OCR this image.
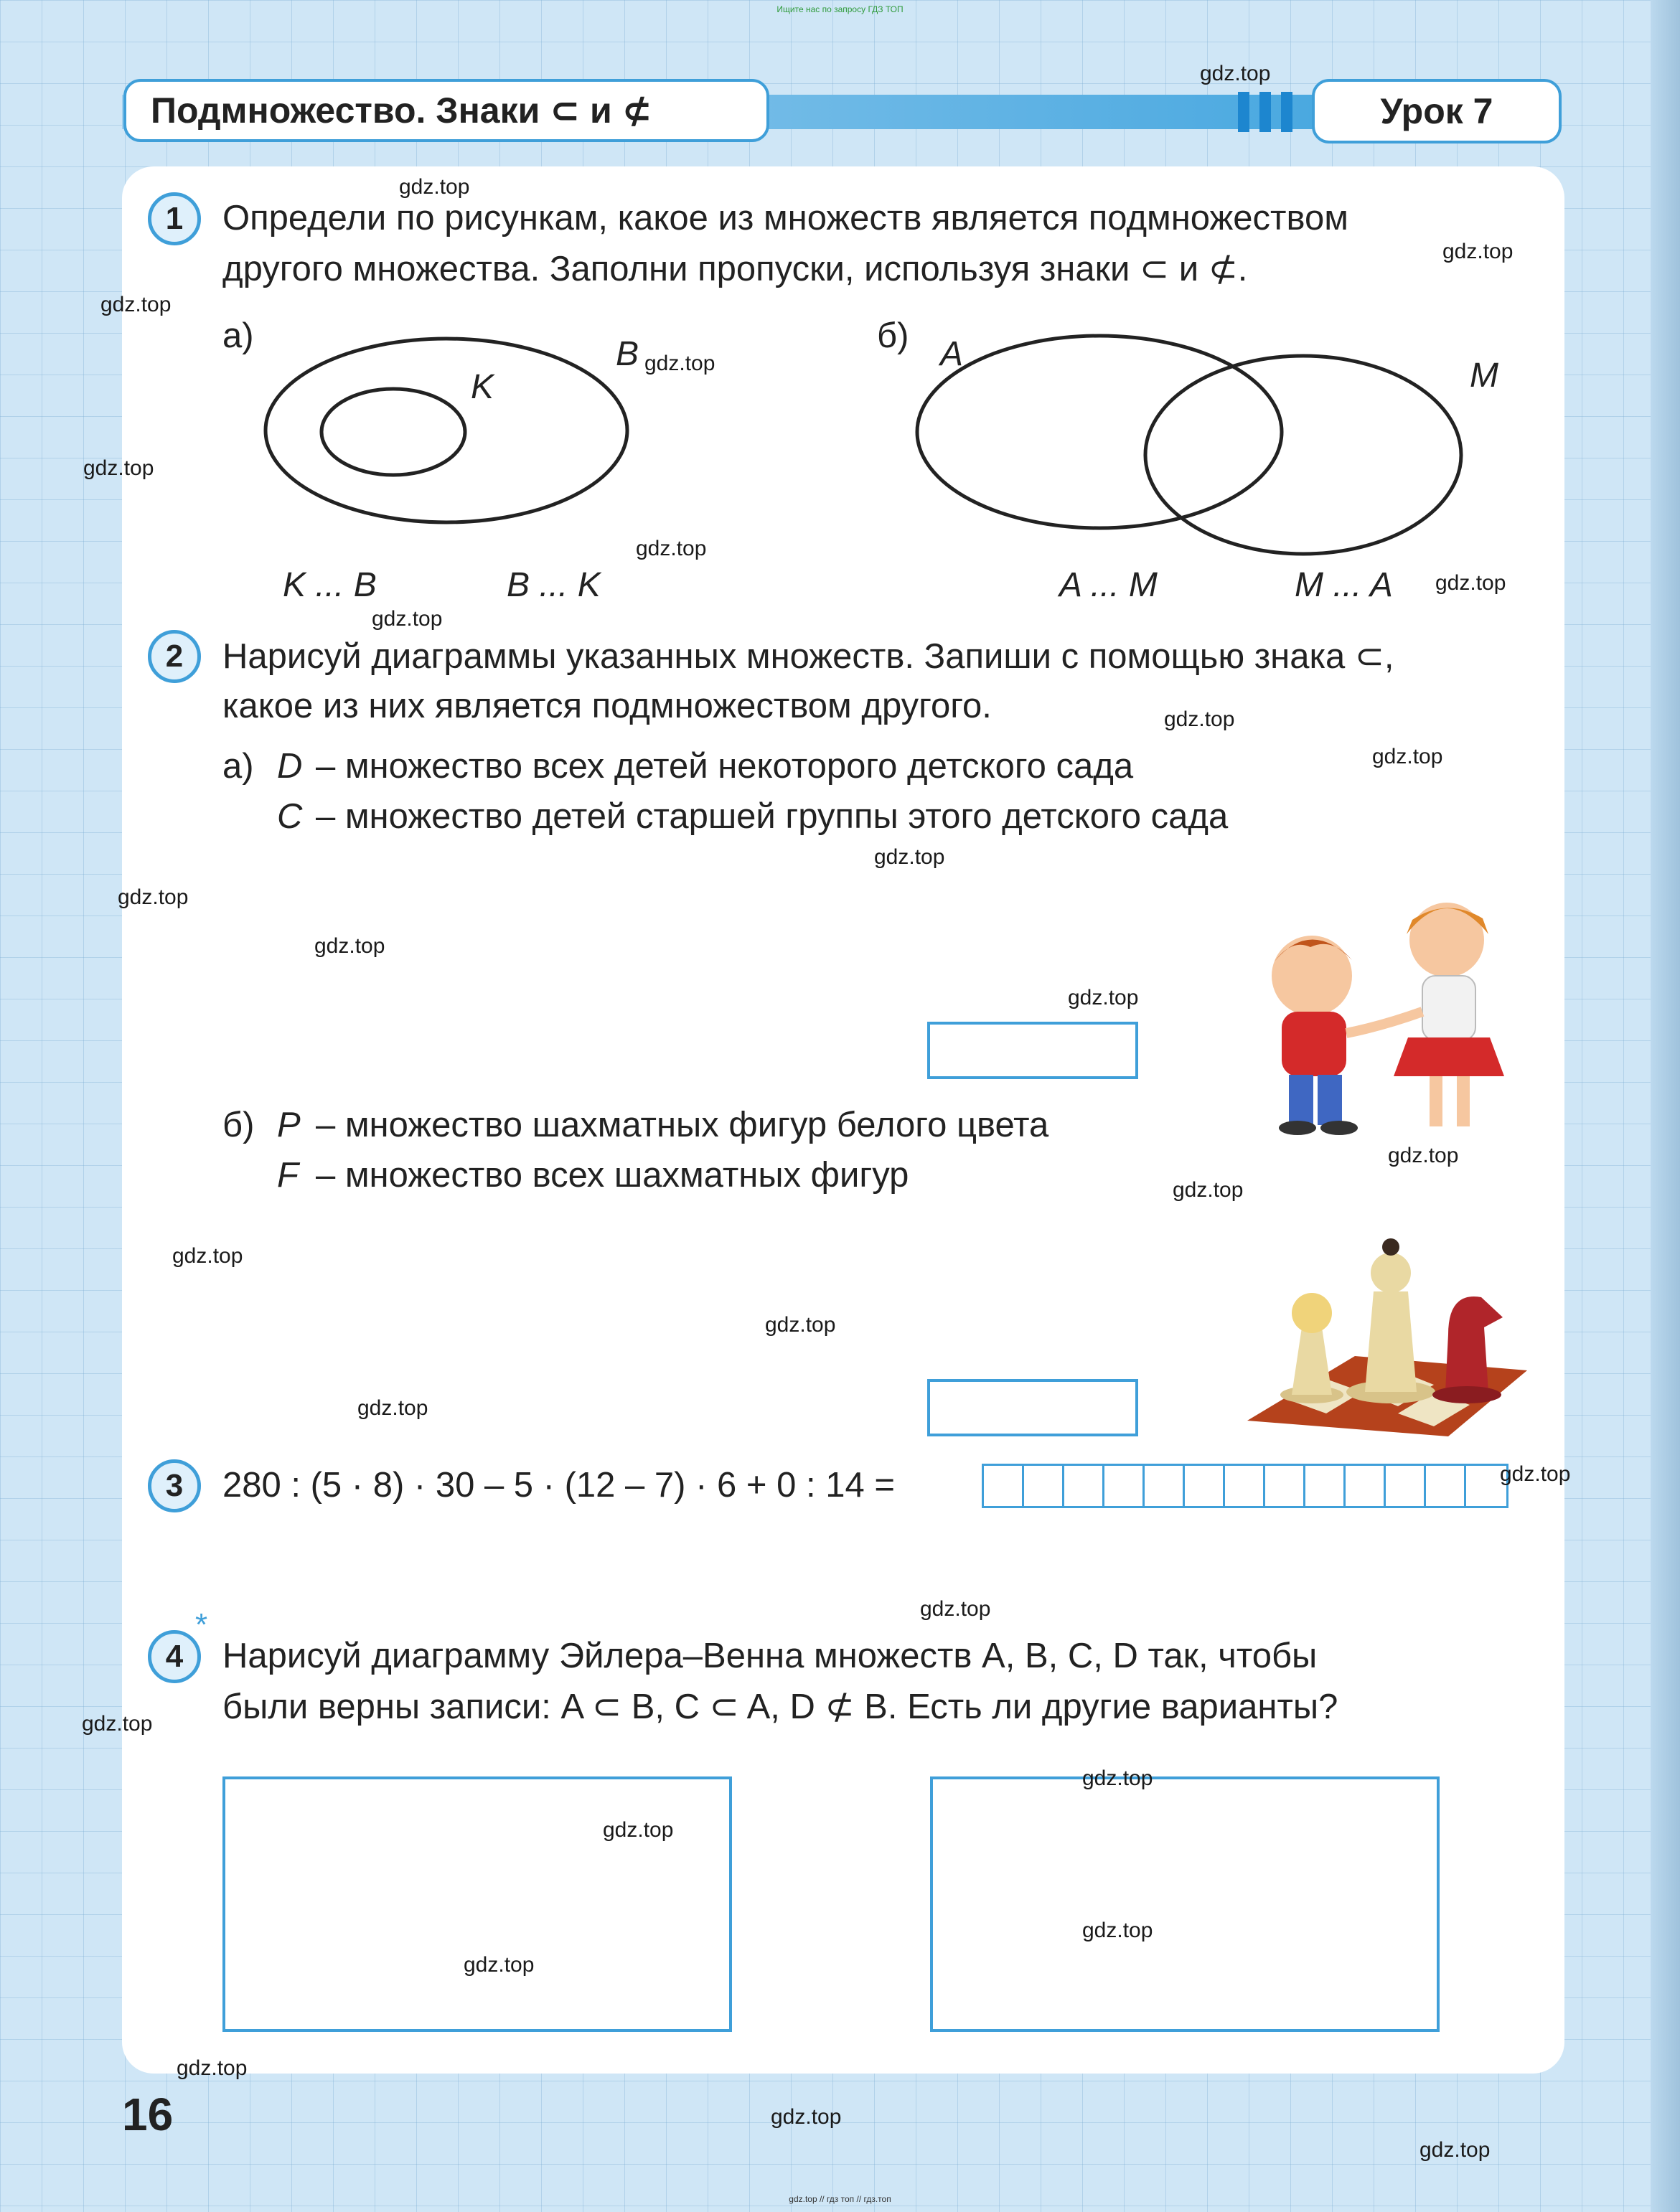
Ищите нас по запросу ГДЗ ТОП
Подмножество. Знаки ⊂ и ⊄	Урок 7
1	Определи по рисункам, какое из множеств является подмножеством
другого множества. Заполни пропуски, используя знаки ⊂ и ⊄.
а)	б)
K
B	A
M
K ... B	B ... K	A ... M	M ... A
2	Нарисуй диаграммы указанных множеств. Запиши с помощью знака ⊂,
какое из них является подмножеством другого.
а) D – множество всех детей некоторого детского сада
C – множество детей старшей группы этого детского сада
б) P – множество шахматных фигур белого цвета
F – множество всех шахматных фигур
3	280 : (5 · 8) · 30 – 5 · (12 – 7) · 6 + 0 : 14 =
*
4	Нарисуй диаграмму Эйлера–Венна множеств A, B, C, D так, чтобы
были верны записи: A ⊂ B, C ⊂ A, D ⊄ B. Есть ли другие варианты?
16
gdz.top
gdz.top
gdz.top
gdz.top
gdz.top
gdz.top
gdz.top
gdz.top
gdz.top
gdz.top
gdz.top
gdz.top
gdz.top
gdz.top
gdz.top
gdz.top
gdz.top
gdz.top
gdz.top
gdz.top
gdz.top
gdz.top
gdz.top
gdz.top
gdz.top
gdz.top
gdz.top
gdz.top
gdz.top
gdz.top
gdz.top // гдз топ // гдз.топ
